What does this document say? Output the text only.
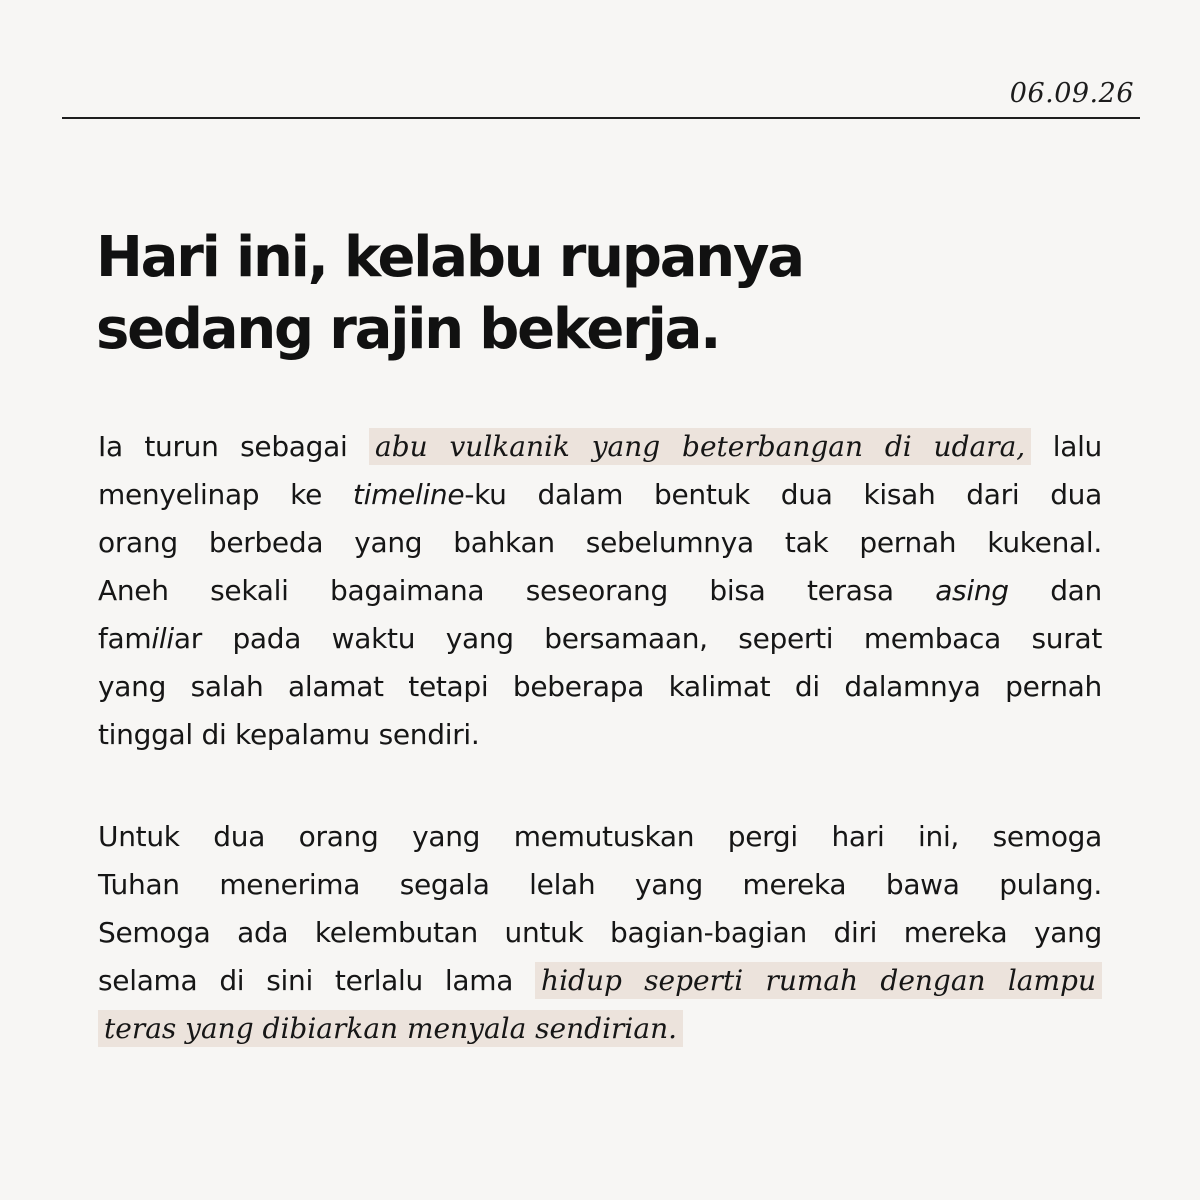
06.09.26

Hari ini, kelabu rupanya
sedang rajin bekerja.

Ia turun sebagai abu vulkanik yang beterbangan di udara, lalu
menyelinap ke timeline-ku dalam bentuk dua kisah dari dua
orang berbeda yang bahkan sebelumnya tak pernah kukenal.
Aneh sekali bagaimana seseorang bisa terasa asing dan
familiar pada waktu yang bersamaan, seperti membaca surat
yang salah alamat tetapi beberapa kalimat di dalamnya pernah
tinggal di kepalamu sendiri.

Untuk dua orang yang memutuskan pergi hari ini, semoga
Tuhan menerima segala lelah yang mereka bawa pulang.
Semoga ada kelembutan untuk bagian-bagian diri mereka yang
selama di sini terlalu lama hidup seperti rumah dengan lampu
teras yang dibiarkan menyala sendirian.
